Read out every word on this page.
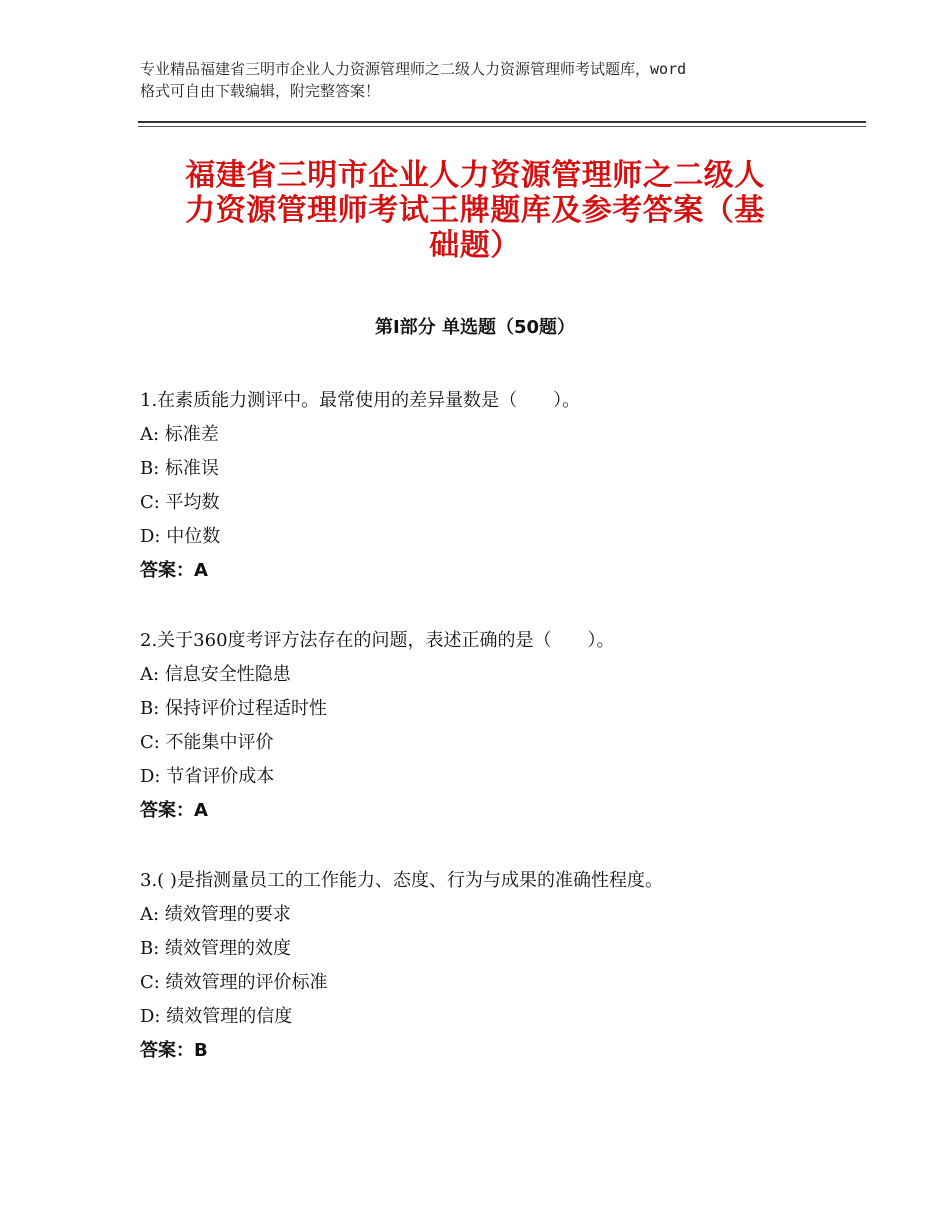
专业精品福建省三明市企业人力资源管理师之二级人力资源管理师考试题库，word
格式可自由下载编辑，附完整答案！
福建省三明市企业人力资源管理师之二级人
力资源管理师考试王牌题库及参考答案（基
础题）
第Ⅰ部分 单选题（50题）
1.在素质能力测评中。最常使用的差异量数是（　　）。
A: 标准差
B: 标准误
C: 平均数
D: 中位数
答案：A
2.关于360度考评方法存在的问题，表述正确的是（　　）。
A: 信息安全性隐患
B: 保持评价过程适时性
C: 不能集中评价
D: 节省评价成本
答案：A
3.( )是指测量员工的工作能力、态度、行为与成果的准确性程度。
A: 绩效管理的要求
B: 绩效管理的效度
C: 绩效管理的评价标准
D: 绩效管理的信度
答案：B
